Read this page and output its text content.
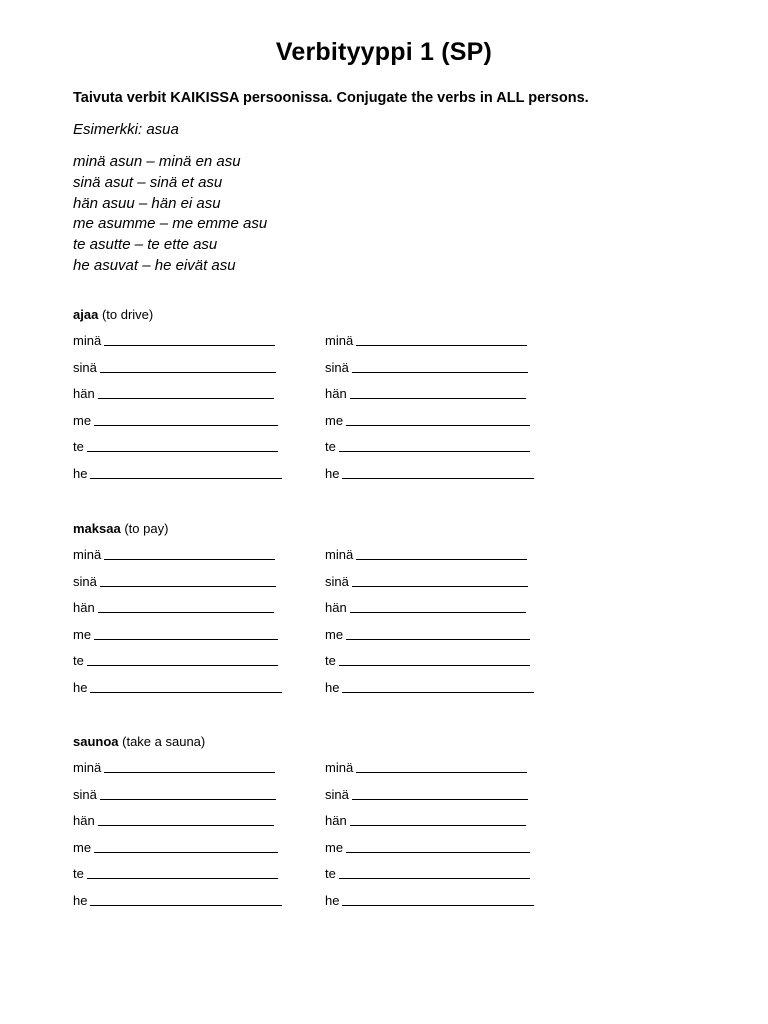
Verbityyppi 1 (SP)
Taivuta verbit KAIKISSA persoonissa. Conjugate the verbs in ALL persons.
Esimerkki: asua
minä asun – minä en asu
sinä asut – sinä et asu
hän asuu – hän ei asu
me asumme – me emme asu
te asutte – te ette asu
he asuvat – he eivät asu
ajaa (to drive)
minä	minä
sinä	sinä
hän	hän
me	me
te	te
he	he
maksaa (to pay)
minä	minä
sinä	sinä
hän	hän
me	me
te	te
he	he
saunoa (take a sauna)
minä	minä
sinä	sinä
hän	hän
me	me
te	te
he	he
